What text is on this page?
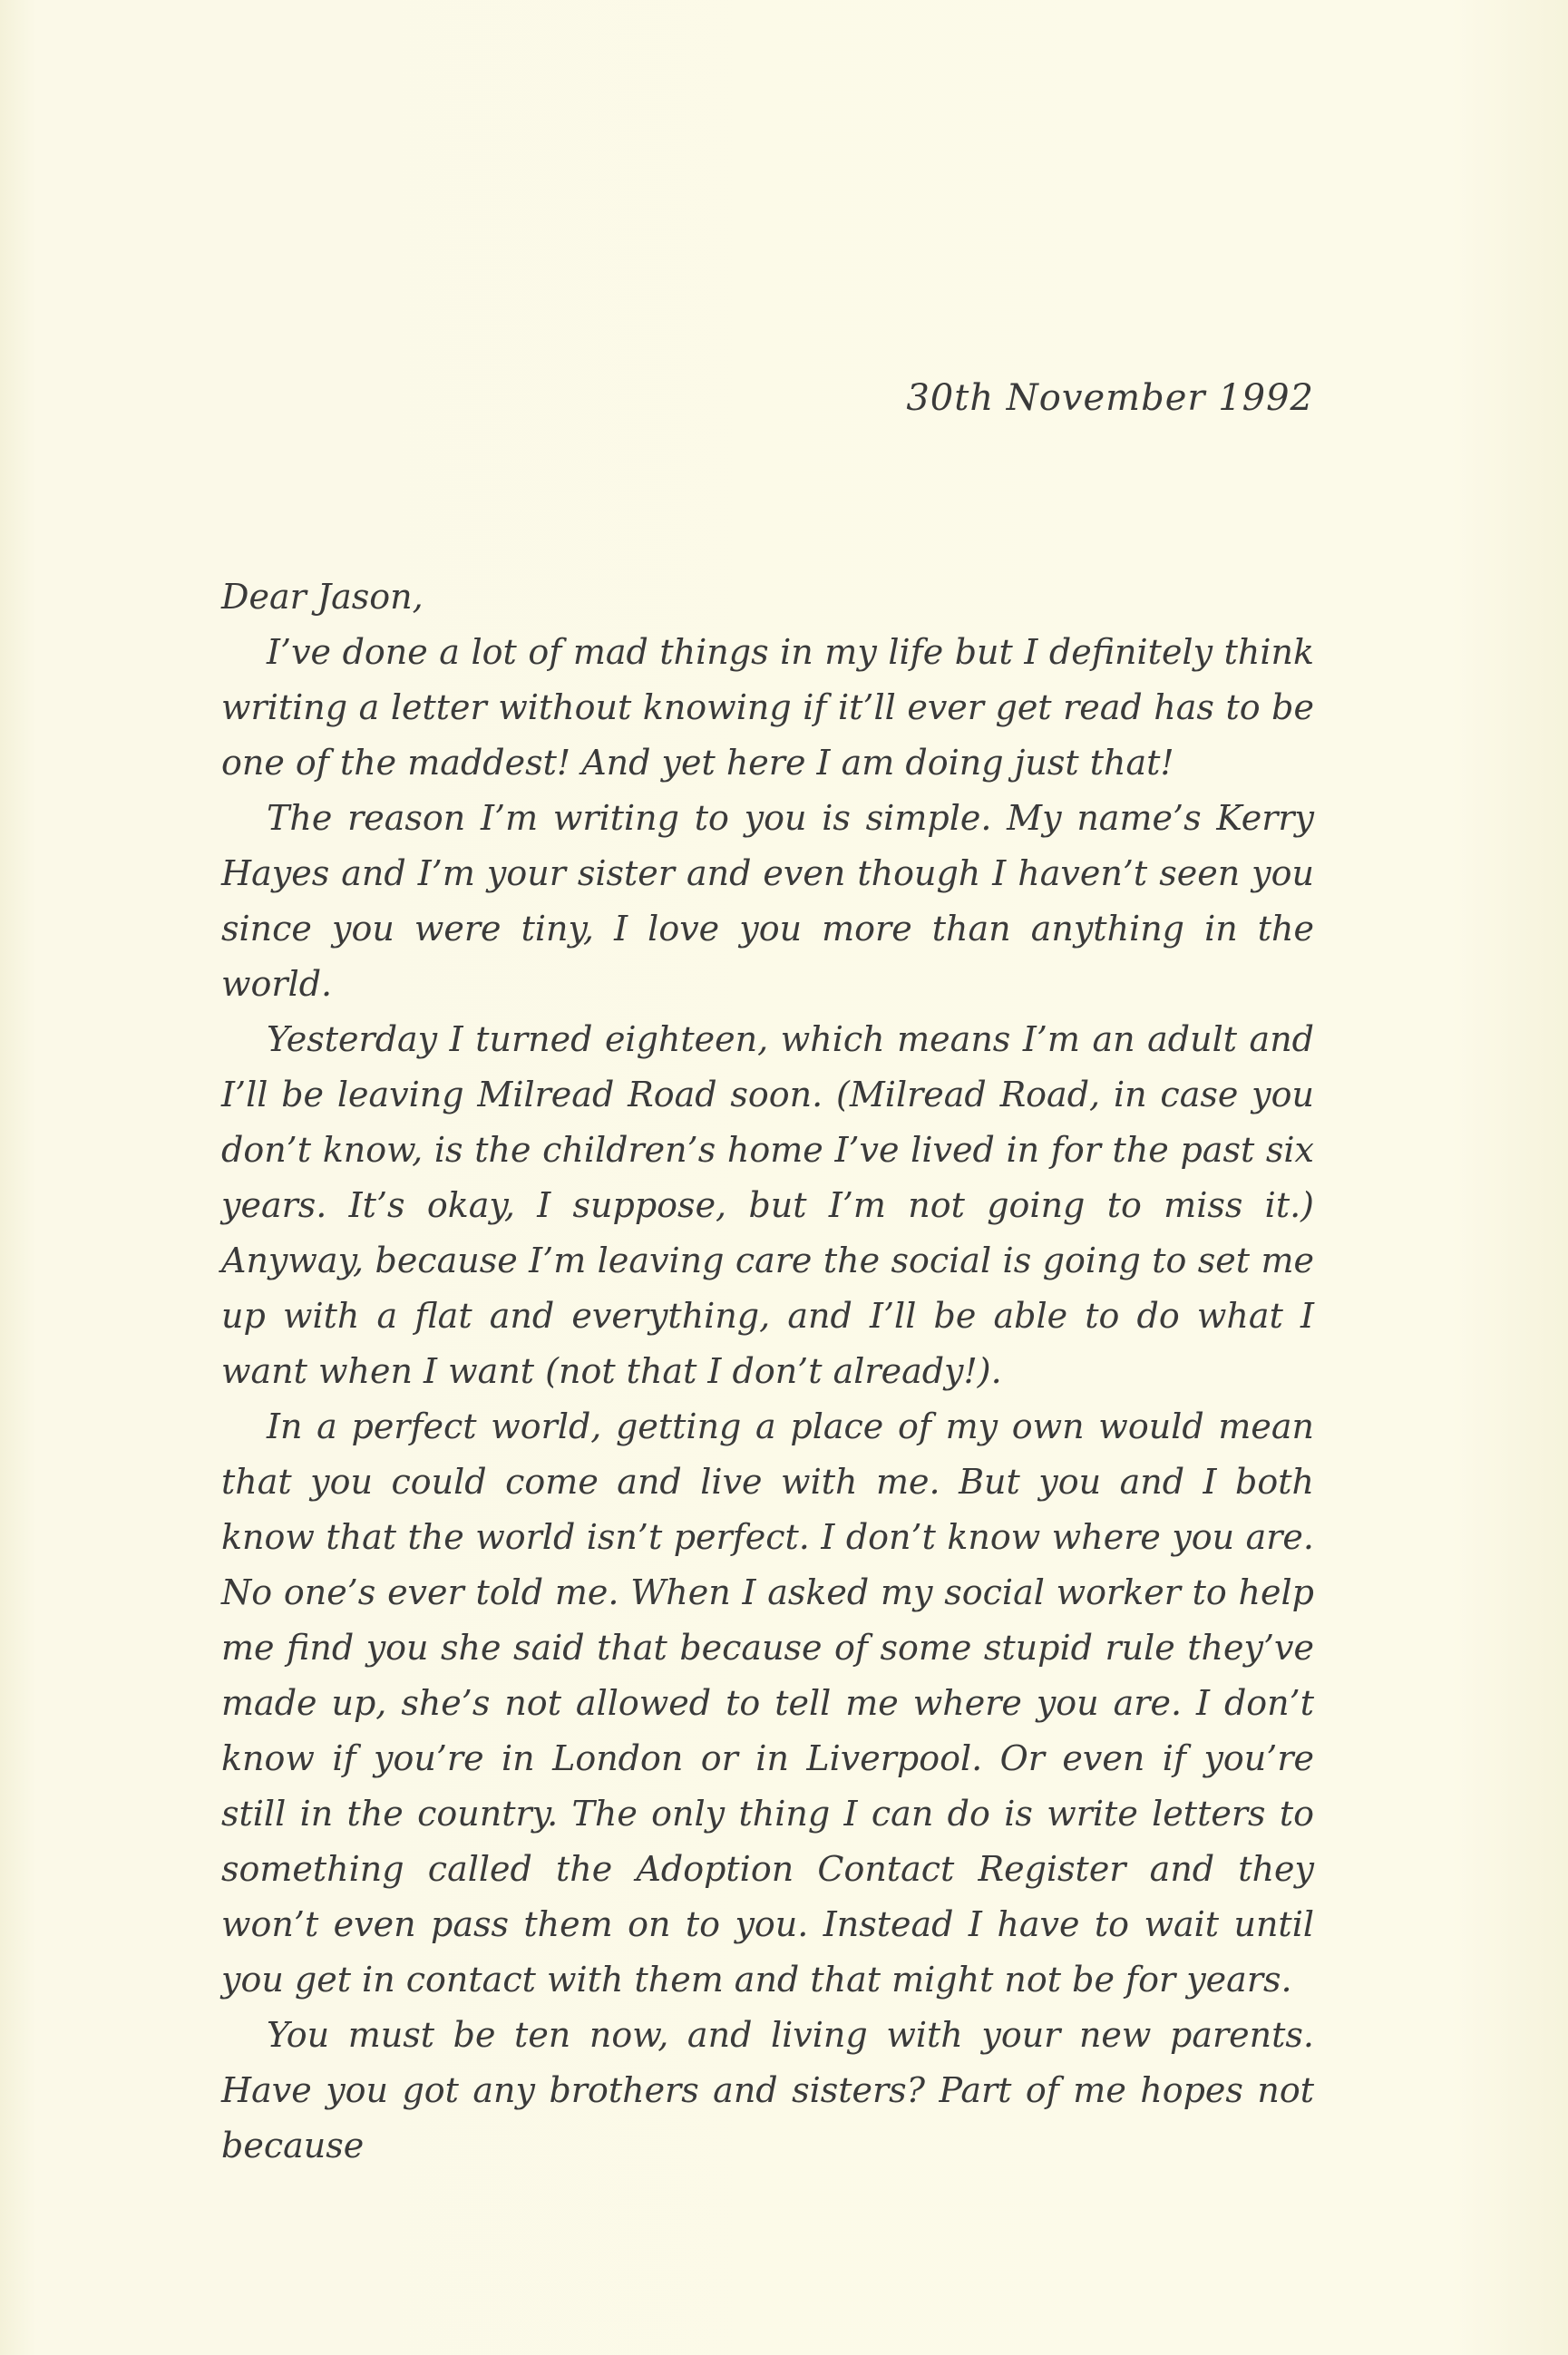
30th November 1992

Dear Jason,

I’ve done a lot of mad things in my life but I definitely think writing a letter without knowing if it’ll ever get read has to be one of the maddest! And yet here I am doing just that!

The reason I’m writing to you is simple. My name’s Kerry Hayes and I’m your sister and even though I haven’t seen you since you were tiny, I love you more than anything in the world.

Yesterday I turned eighteen, which means I’m an adult and I’ll be leaving Milread Road soon. (Milread Road, in case you don’t know, is the children’s home I’ve lived in for the past six years. It’s okay, I suppose, but I’m not going to miss it.) Anyway, because I’m leaving care the social is going to set me up with a flat and everything, and I’ll be able to do what I want when I want (not that I don’t already!).

In a perfect world, getting a place of my own would mean that you could come and live with me. But you and I both know that the world isn’t perfect. I don’t know where you are. No one’s ever told me. When I asked my social worker to help me find you she said that because of some stupid rule they’ve made up, she’s not allowed to tell me where you are. I don’t know if you’re in London or in Liverpool. Or even if you’re still in the country. The only thing I can do is write letters to something called the Adoption Contact Register and they won’t even pass them on to you. Instead I have to wait until you get in contact with them and that might not be for years.

You must be ten now, and living with your new parents. Have you got any brothers and sisters? Part of me hopes not because
